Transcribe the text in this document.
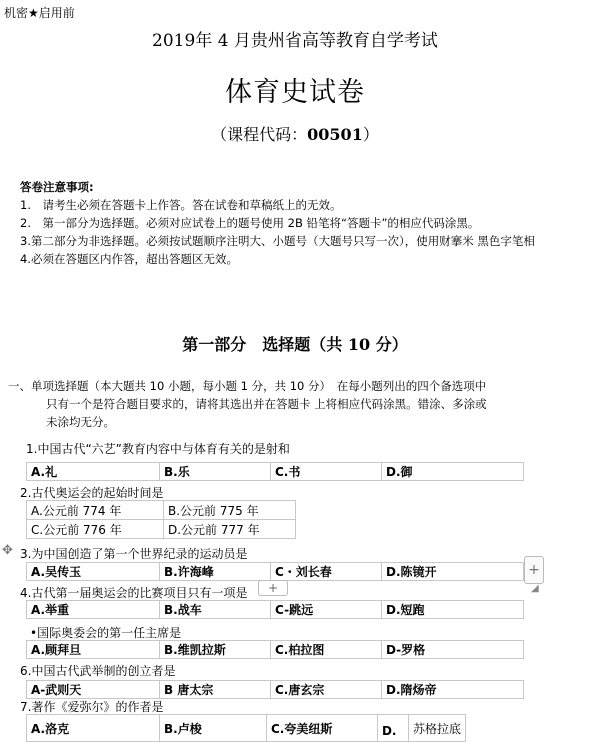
机密★启用前
2019年 4 月贵州省高等教育自学考试
体育史试卷
（课程代码：00501）
答卷注意事项:
1.　请考生必须在答题卡上作答。答在试卷和草稿纸上的无效。
2.　第一部分为选择题。必须对应试卷上的题号使用 2B 铅笔将“答题卡”的相应代码涂黑。
3.第二部分为非选择题。必须按试题顺序注明大、小题号（大题号只写一次），使用财搴米 黑色字笔相
4.必须在答题区内作答，超出答题区无效。
第一部分　选择题（共 10 分）
一、单项选择题（本大题共 10 小题，每小题 1 分，共 10 分）　在每小题列出的四个备选项中
只有一个是符合题目要求的，请将其选出并在答题卡 上将相应代码涂黑。错涂、多涂或
未涂均无分。
1.中国古代“六艺”教育内容中与体育有关的是射和
A.礼	B.乐	C.书	D.御
2.古代奥运会的起始时间是
A.公元前 774 年	B.公元前 775 年
C.公元前 776 年	D.公元前 777 年
3.为中国创造了第一个世界纪录的运动员是
A.吴传玉	B.许海峰	C・刘长春	D.陈镜开
4.古代第一届奥运会的比赛项目只有一项是
A.举重	B.战车	C-跳远	D.短跑
•国际奥委会的第一任主席是
A.顾拜旦	B.维凯拉斯	C.柏拉图	D-罗格
6.中国古代武举制的创立者是
A-武则天	B 唐太宗	C.唐玄宗	D.隋炀帝
7.著作《爱弥尔》的作者是
A.洛克	B.卢梭	C.夸美纽斯	D.	苏格拉底
✥
+
+	◢
